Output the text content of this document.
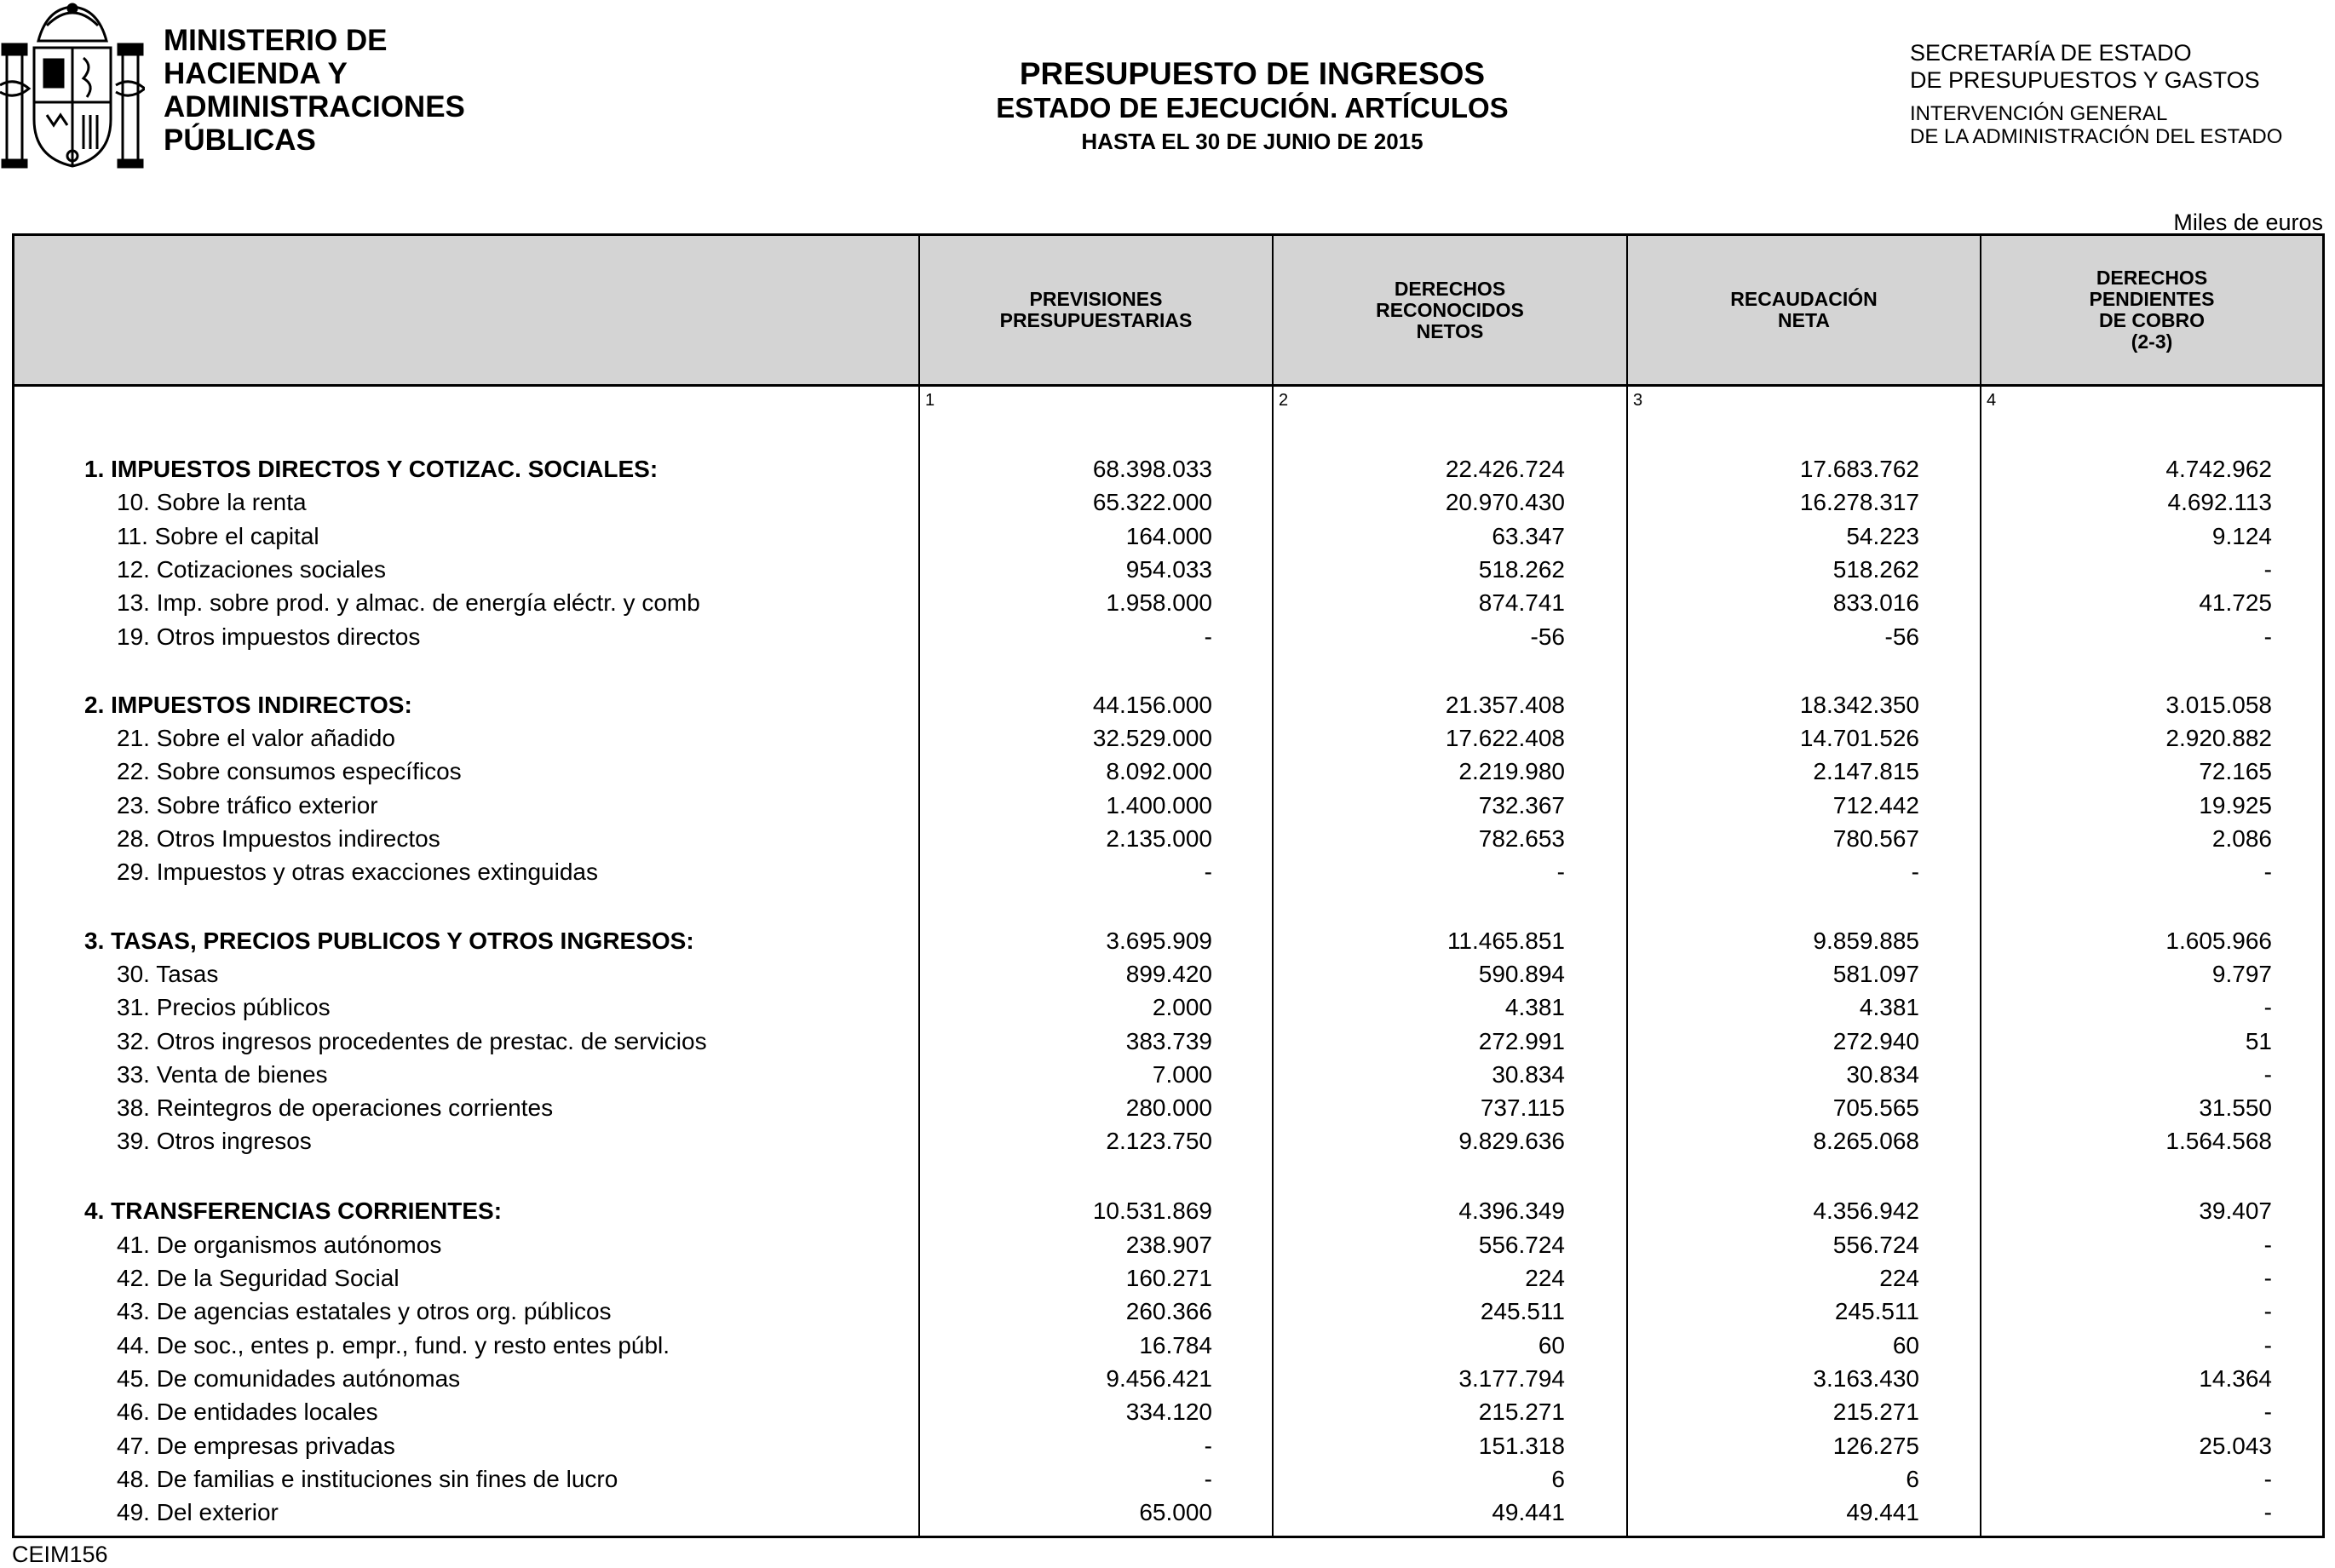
MINISTERIO DE
HACIENDA Y
ADMINISTRACIONES
PÚBLICAS
PRESUPUESTO DE INGRESOS
ESTADO DE EJECUCIÓN. ARTÍCULOS
HASTA EL 30 DE JUNIO DE 2015
SECRETARÍA DE ESTADO
DE PRESUPUESTOS Y GASTOS
INTERVENCIÓN GENERAL
DE LA ADMINISTRACIÓN DEL ESTADO
Miles de euros
PREVISIONES
PRESUPUESTARIAS
1
DERECHOS
RECONOCIDOS
NETOS
2
RECAUDACIÓN
NETA
3
DERECHOS
PENDIENTES
DE COBRO
(2-3)
4
1. IMPUESTOS DIRECTOS Y COTIZAC. SOCIALES:	68.398.033	22.426.724	17.683.762	4.742.962
10. Sobre la renta	65.322.000	20.970.430	16.278.317	4.692.113
11. Sobre el capital	164.000	63.347	54.223	9.124
12. Cotizaciones sociales	954.033	518.262	518.262	-
13. Imp. sobre prod. y almac. de energía eléctr. y comb	1.958.000	874.741	833.016	41.725
19. Otros impuestos directos	-	-56	-56	-
2. IMPUESTOS INDIRECTOS:	44.156.000	21.357.408	18.342.350	3.015.058
21. Sobre el valor añadido	32.529.000	17.622.408	14.701.526	2.920.882
22. Sobre consumos específicos	8.092.000	2.219.980	2.147.815	72.165
23. Sobre tráfico exterior	1.400.000	732.367	712.442	19.925
28. Otros Impuestos indirectos	2.135.000	782.653	780.567	2.086
29. Impuestos y otras exacciones extinguidas	-	-	-	-
3. TASAS, PRECIOS PUBLICOS Y OTROS INGRESOS:	3.695.909	11.465.851	9.859.885	1.605.966
30. Tasas	899.420	590.894	581.097	9.797
31. Precios públicos	2.000	4.381	4.381	-
32. Otros ingresos procedentes de prestac. de servicios	383.739	272.991	272.940	51
33. Venta de bienes	7.000	30.834	30.834	-
38. Reintegros de operaciones corrientes	280.000	737.115	705.565	31.550
39. Otros ingresos	2.123.750	9.829.636	8.265.068	1.564.568
4. TRANSFERENCIAS CORRIENTES:	10.531.869	4.396.349	4.356.942	39.407
41. De organismos autónomos	238.907	556.724	556.724	-
42. De la Seguridad Social	160.271	224	224	-
43. De agencias estatales y otros org. públicos	260.366	245.511	245.511	-
44. De soc., entes p. empr., fund. y resto entes públ.	16.784	60	60	-
45. De comunidades autónomas	9.456.421	3.177.794	3.163.430	14.364
46. De entidades locales	334.120	215.271	215.271	-
47. De empresas privadas	-	151.318	126.275	25.043
48. De familias e instituciones sin fines de lucro	-	6	6	-
49. Del exterior	65.000	49.441	49.441	-
CEIM156
